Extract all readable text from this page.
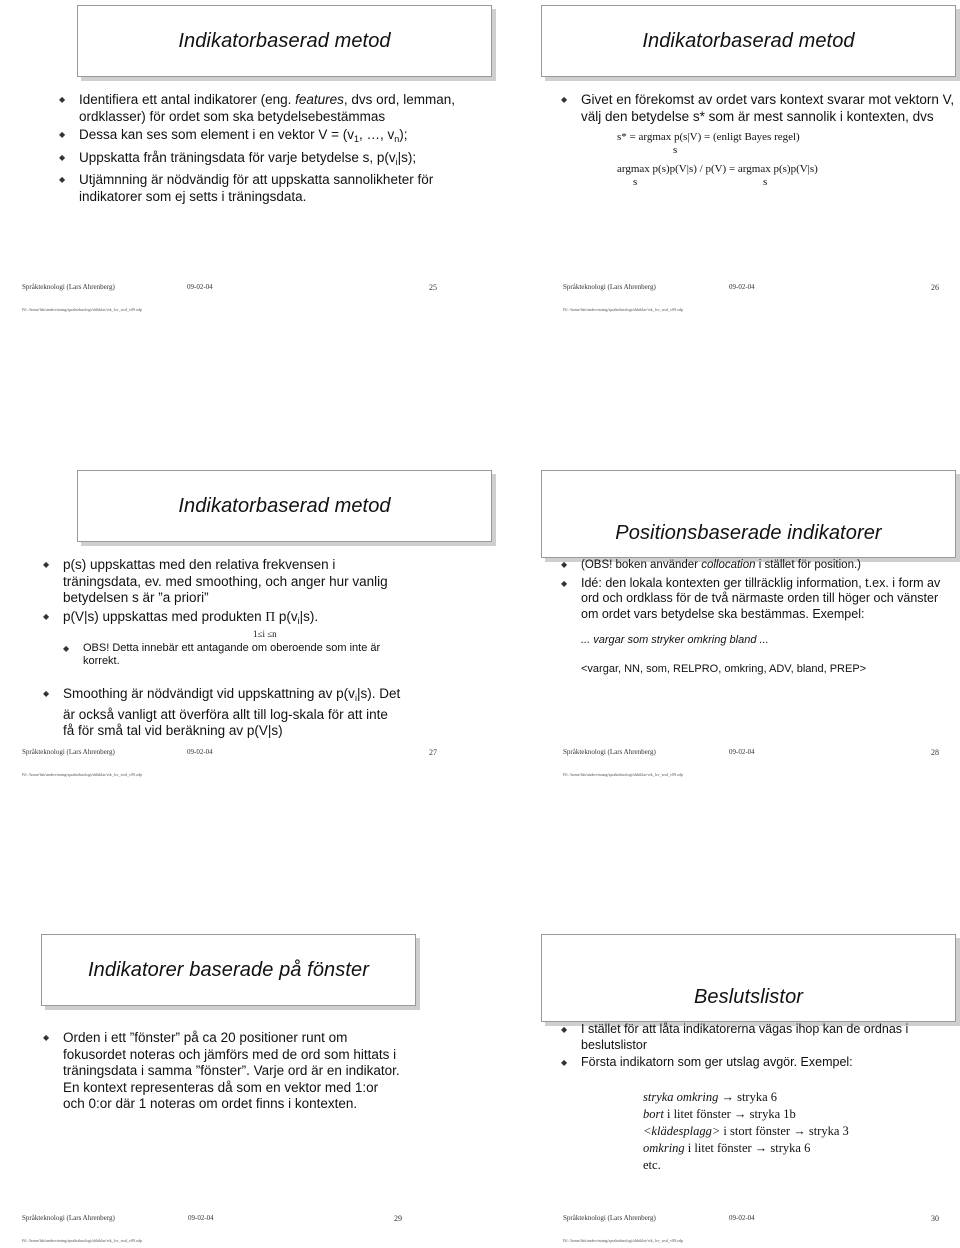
Indikatorbaserad metod
◆ Identifiera ett antal indikatorer (eng. features, dvs ord, lemman, ordklasser) för ordet som ska betydelsebestämmas
◆ Dessa kan ses som element i en vektor $V = (v_1$, …, $v_n$);
◆ Uppskatta från träningsdata för varje betydelse s, $p(v_i|s)$;
◆ Utjämnning är nödvändig för att uppskatta sannolikheter för indikatorer som ej setts i träningsdata.
Språkteknologi (Lars Ahrenberg)	09-02-04	25
Fil: /home/lah/undervisning/sprakteknologi/sbhiklar/vtk_lcv_wsd_v09.odp
Indikatorbaserad metod
◆ Givet en förekomst av ordet vars kontext svarar mot vektorn V, välj den betydelse s* som är mest sannolik i kontexten, dvs
s* = argmax p(s|V) = (enligt Bayes regel)
s
argmax p(s)p(V|s) / p(V) = argmax p(s)p(V|s)
s	s
Språkteknologi (Lars Ahrenberg)	09-02-04	26
Fil: /home/lah/undervisning/sprakteknologi/sbhiklar/vtk_lcv_wsd_v09.odp
Indikatorbaserad metod
◆ p(s) uppskattas med den relativa frekvensen i träningsdata, ev. med smoothing, och anger hur vanlig betydelsen s är ”a priori”
◆ p(V|s) uppskattas med produkten Π $p(v_i|s)$.
1≤i ≤n
◆ OBS! Detta innebär ett antagande om oberoende som inte är korrekt.
◆ Smoothing är nödvändigt vid uppskattning av $p(v_i|s)$. Det är också vanligt att överföra allt till log-skala för att inte få för små tal vid beräkning av p(V|s)
Språkteknologi (Lars Ahrenberg)	09-02-04	27
Fil: /home/lah/undervisning/sprakteknologi/sbhiklar/vtk_lcv_wsd_v09.odp
Positionsbaserade indikatorer
◆ (OBS! boken använder collocation i stället för position.)
◆ Idé: den lokala kontexten ger tillräcklig information, t.ex. i form av ord och ordklass för de två närmaste orden till höger och vänster om ordet vars betydelse ska bestämmas. Exempel:
... vargar som stryker omkring bland ...
<vargar, NN, som, RELPRO, omkring, ADV, bland, PREP>
Språkteknologi (Lars Ahrenberg)	09-02-04	28
Fil: /home/lah/undervisning/sprakteknologi/sbhiklar/vtk_lcv_wsd_v09.odp
Indikatorer baserade på fönster
◆ Orden i ett ”fönster” på ca 20 positioner runt om fokusordet noteras och jämförs med de ord som hittats i träningsdata i samma ”fönster”. Varje ord är en indikator. En kontext representeras då som en vektor med 1:or och 0:or där 1 noteras om ordet finns i kontexten.
Språkteknologi (Lars Ahrenberg)	09-02-04	29
Fil: /home/lah/undervisning/sprakteknologi/sbhiklar/vtk_lcv_wsd_v09.odp
Beslutslistor
◆ I stället för att låta indikatorerna vägas ihop kan de ordnas i beslutslistor
◆ Första indikatorn som ger utslag avgör. Exempel:
stryka omkring → stryka 6
bort i litet fönster → stryka 1b
<klädesplagg> i stort fönster → stryka 3
omkring i litet fönster → stryka 6
etc.
Språkteknologi (Lars Ahrenberg)	09-02-04	30
Fil: /home/lah/undervisning/sprakteknologi/sbhiklar/vtk_lcv_wsd_v09.odp
